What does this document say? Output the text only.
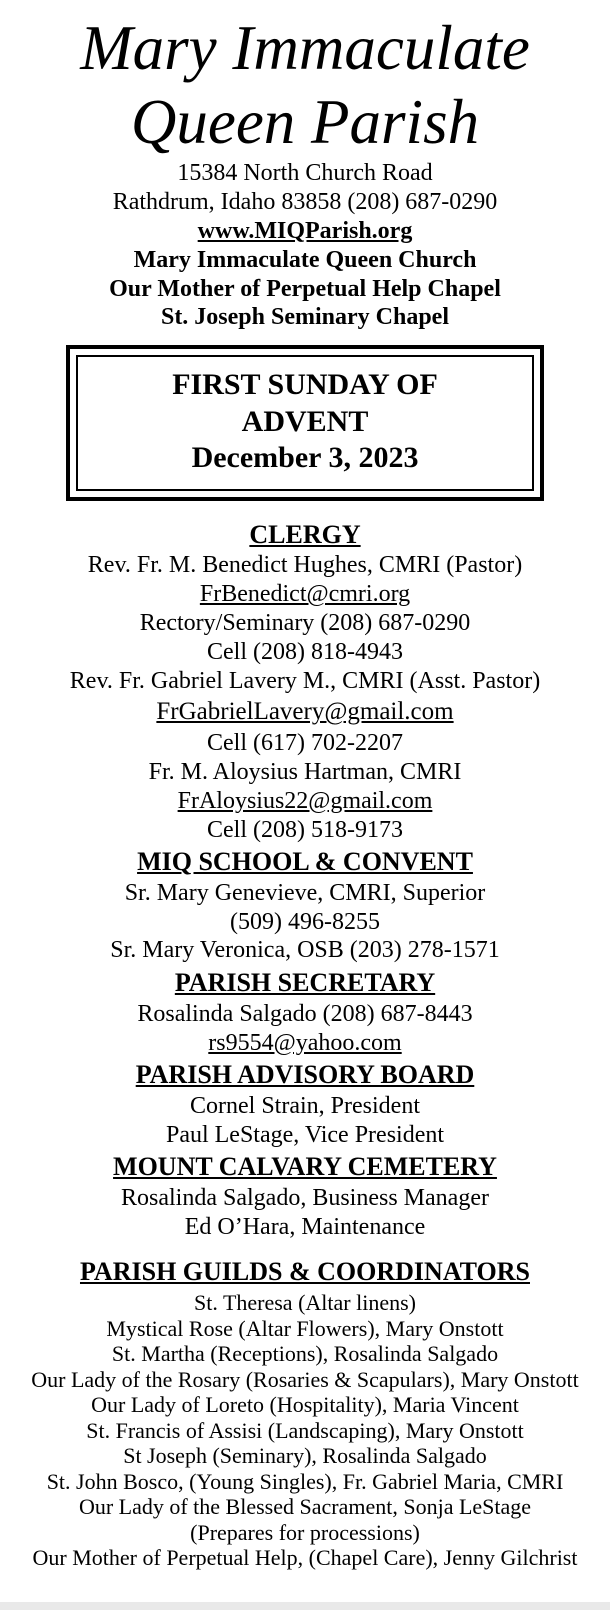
Mary Immaculate
Queen Parish
15384 North Church Road
Rathdrum, Idaho 83858 (208) 687-0290
www.MIQParish.org
Mary Immaculate Queen Church
Our Mother of Perpetual Help Chapel
St. Joseph Seminary Chapel
FIRST SUNDAY OF
ADVENT
December 3, 2023
CLERGY
Rev. Fr. M. Benedict Hughes, CMRI (Pastor)
FrBenedict@cmri.org
Rectory/Seminary (208) 687-0290
Cell (208) 818-4943
Rev. Fr. Gabriel Lavery M., CMRI (Asst. Pastor)
FrGabrielLavery@gmail.com
Cell (617) 702-2207
Fr. M. Aloysius Hartman, CMRI
FrAloysius22@gmail.com
Cell (208) 518-9173
MIQ SCHOOL & CONVENT
Sr. Mary Genevieve, CMRI, Superior
(509) 496-8255
Sr. Mary Veronica, OSB (203) 278-1571
PARISH SECRETARY
Rosalinda Salgado (208) 687-8443
rs9554@yahoo.com
PARISH ADVISORY BOARD
Cornel Strain, President
Paul LeStage, Vice President
MOUNT CALVARY CEMETERY
Rosalinda Salgado, Business Manager
Ed O’Hara, Maintenance
PARISH GUILDS & COORDINATORS
St. Theresa (Altar linens)
Mystical Rose (Altar Flowers), Mary Onstott
St. Martha (Receptions), Rosalinda Salgado
Our Lady of the Rosary (Rosaries & Scapulars), Mary Onstott
Our Lady of Loreto (Hospitality), Maria Vincent
St. Francis of Assisi (Landscaping), Mary Onstott
St Joseph (Seminary), Rosalinda Salgado
St. John Bosco, (Young Singles), Fr. Gabriel Maria, CMRI
Our Lady of the Blessed Sacrament, Sonja LeStage
(Prepares for processions)
Our Mother of Perpetual Help, (Chapel Care), Jenny Gilchrist
